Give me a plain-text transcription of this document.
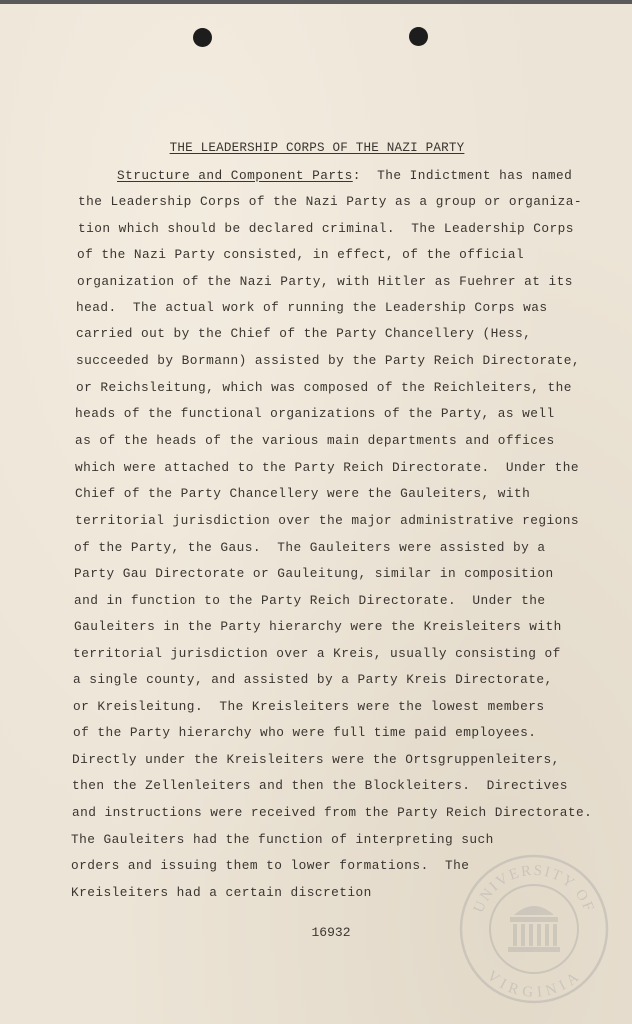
THE LEADERSHIP CORPS OF THE NAZI PARTY
Structure and Component Parts:  The Indictment has named
the Leadership Corps of the Nazi Party as a group or organiza-
tion which should be declared criminal.  The Leadership Corps
of the Nazi Party consisted, in effect, of the official
organization of the Nazi Party, with Hitler as Fuehrer at its
head.  The actual work of running the Leadership Corps was
carried out by the Chief of the Party Chancellery (Hess,
succeeded by Bormann) assisted by the Party Reich Directorate,
or Reichsleitung, which was composed of the Reichleiters, the
heads of the functional organizations of the Party, as well
as of the heads of the various main departments and offices
which were attached to the Party Reich Directorate.  Under the
Chief of the Party Chancellery were the Gauleiters, with
territorial jurisdiction over the major administrative regions
of the Party, the Gaus.  The Gauleiters were assisted by a
Party Gau Directorate or Gauleitung, similar in composition
and in function to the Party Reich Directorate.  Under the
Gauleiters in the Party hierarchy were the Kreisleiters with
territorial jurisdiction over a Kreis, usually consisting of
a single county, and assisted by a Party Kreis Directorate,
or Kreisleitung.  The Kreisleiters were the lowest members
of the Party hierarchy who were full time paid employees.
Directly under the Kreisleiters were the Ortsgruppenleiters,
then the Zellenleiters and then the Blockleiters.  Directives
and instructions were received from the Party Reich Directorate.
The Gauleiters had the function of interpreting such
orders and issuing them to lower formations.  The
Kreisleiters had a certain discretion
16932
UNIVERSITY OF
VIRGINIA
